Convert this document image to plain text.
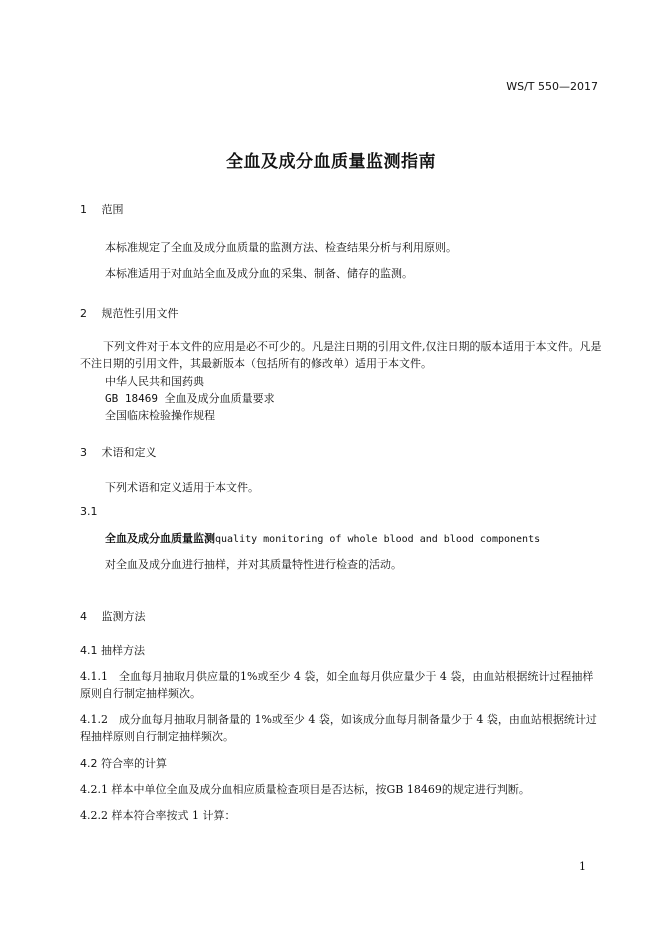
WS/T 550—2017
全血及成分血质量监测指南
1 范围
本标准规定了全血及成分血质量的监测方法、检查结果分析与利用原则。
本标准适用于对血站全血及成分血的采集、制备、储存的监测。
2 规范性引用文件
下列文件对于本文件的应用是必不可少的。凡是注日期的引用文件,仅注日期的版本适用于本文件。凡是不注日期的引用文件，其最新版本（包括所有的修改单）适用于本文件。
中华人民共和国药典
GB 18469 全血及成分血质量要求
全国临床检验操作规程
3 术语和定义
下列术语和定义适用于本文件。
3.1
全血及成分血质量监测quality monitoring of whole blood and blood components
对全血及成分血进行抽样，并对其质量特性进行检查的活动。
4 监测方法
4.1 抽样方法
4.1.1　全血每月抽取月供应量的1%或至少 4 袋，如全血每月供应量少于 4 袋，由血站根据统计过程抽样原则自行制定抽样频次。
4.1.2　成分血每月抽取月制备量的 1%或至少 4 袋，如该成分血每月制备量少于 4 袋，由血站根据统计过程抽样原则自行制定抽样频次。
4.2 符合率的计算
4.2.1 样本中单位全血及成分血相应质量检查项目是否达标，按GB 18469的规定进行判断。
4.2.2 样本符合率按式 1 计算：
1
